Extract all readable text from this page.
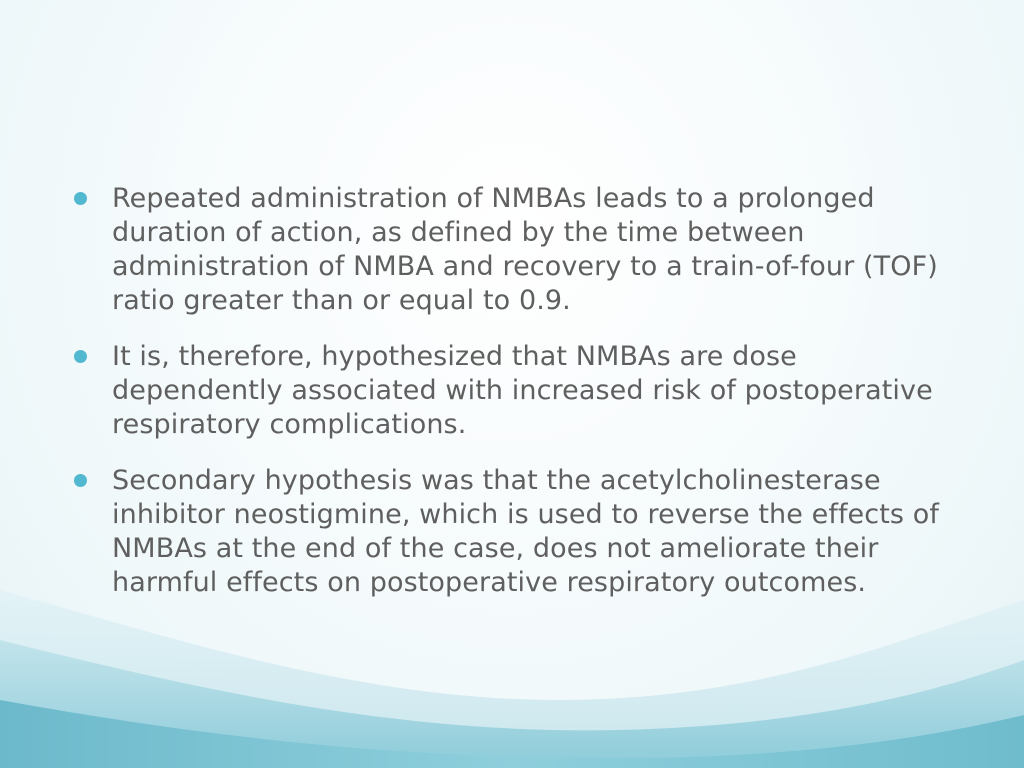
Repeated administration of NMBAs leads to a prolonged duration of action, as defined by the time between administration of NMBA and recovery to a train-of-four (TOF) ratio greater than or equal to 0.9.
It is, therefore, hypothesized that NMBAs are dose dependently associated with increased risk of postoperative respiratory complications.
Secondary hypothesis was that the acetylcholinesterase inhibitor neostigmine, which is used to reverse the effects of NMBAs at the end of the case, does not ameliorate their harmful effects on postoperative respiratory outcomes.
